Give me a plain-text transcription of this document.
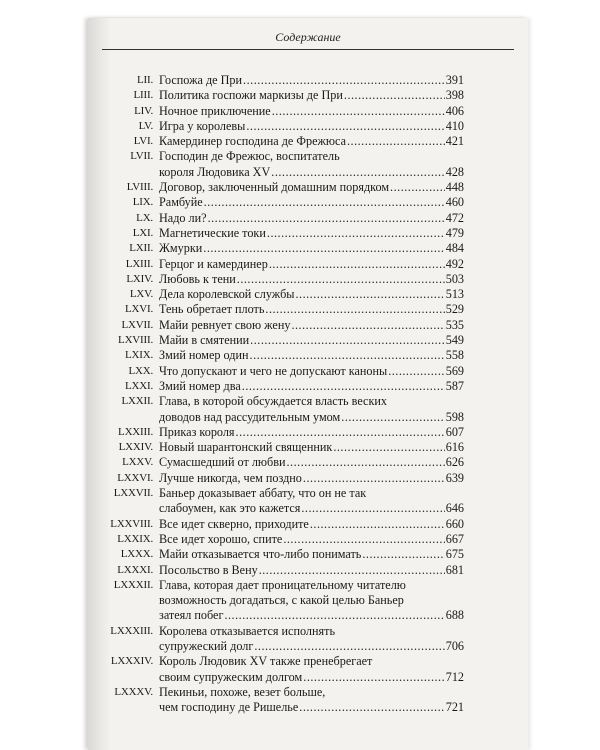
Содержание
LII. Госпожа де При .....	391
LIII. Политика госпожи маркизы де При .....	398
LIV. Ночное приключение .....	406
LV. Игра у королевы .....	410
LVI. Камердинер господина де Фрежюса .....	421
LVII. Господин де Фрежюс, воспитатель
короля Людовика XV .....	428
LVIII. Договор, заключенный домашним порядком .....	448
LIX. Рамбуйе .....	460
LX. Надо ли? .....	472
LXI. Магнетические токи .....	479
LXII. Жмурки .....	484
LXIII. Герцог и камердинер .....	492
LXIV. Любовь к тени .....	503
LXV. Дела королевской службы .....	513
LXVI. Тень обретает плоть .....	529
LXVII. Майи ревнует свою жену .....	535
LXVIII. Майи в смятении .....	549
LXIX. Змий номер один .....	558
LXX. Что допускают и чего не допускают каноны .....	569
LXXI. Змий номер два .....	587
LXXII. Глава, в которой обсуждается власть веских
доводов над рассудительным умом .....	598
LXXIII. Приказ короля .....	607
LXXIV. Новый шарантонский священник .....	616
LXXV. Сумасшедший от любви .....	626
LXXVI. Лучше никогда, чем поздно .....	639
LXXVII. Баньер доказывает аббату, что он не так
слабоумен, как это кажется .....	646
LXXVIII. Все идет скверно, приходите .....	660
LXXIX. Все идет хорошо, спите .....	667
LXXX. Майи отказывается что-либо понимать .....	675
LXXXI. Посольство в Вену .....	681
LXXXII. Глава, которая дает проницательному читателю
возможность догадаться, с какой целью Баньер
затеял побег .....	688
LXXXIII. Королева отказывается исполнять
супружеский долг .....	706
LXXXIV. Король Людовик XV также пренебрегает
своим супружеским долгом .....	712
LXXXV. Пекиньи, похоже, везет больше,
чем господину де Ришелье .....	721
